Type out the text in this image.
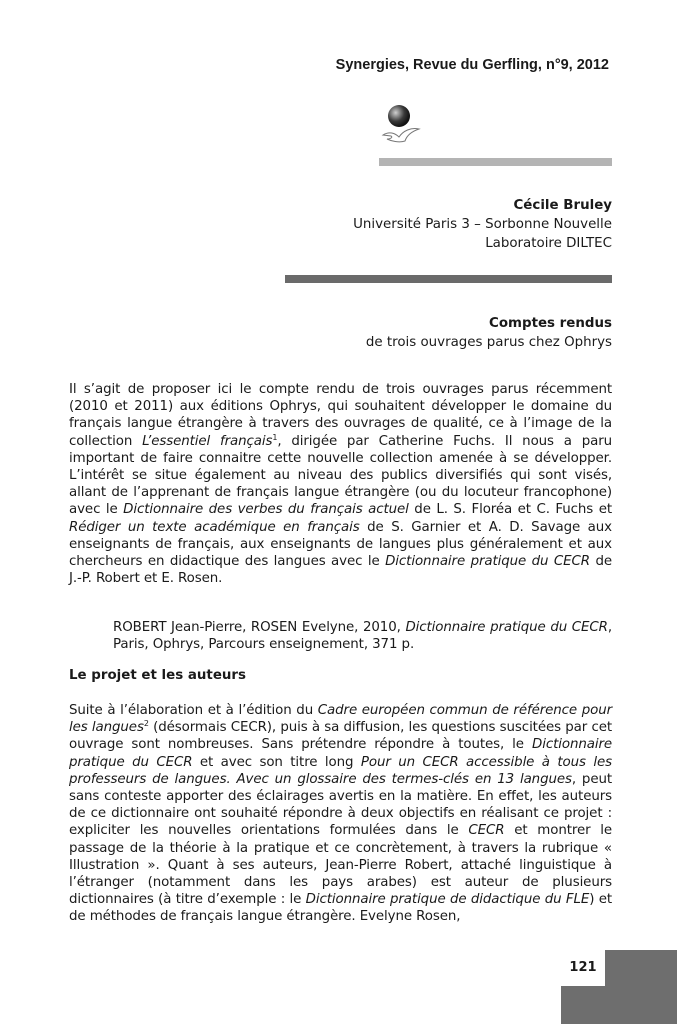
Synergies, Revue du Gerfling, n°9, 2012
Cécile Bruley
Université Paris 3 – Sorbonne Nouvelle
Laboratoire DILTEC
Comptes rendus
de trois ouvrages parus chez Ophrys

Il s’agit de proposer ici le compte rendu de trois ouvrages parus récemment (2010 et 2011) aux éditions Ophrys, qui souhaitent développer le domaine du français langue étrangère à travers des ouvrages de qualité, ce à l’image de la collection L’essentiel français$^1$, dirigée par Catherine Fuchs. Il nous a paru important de faire connaitre cette nouvelle collection amenée à se développer. L’intérêt se situe également au niveau des publics diversifiés qui sont visés, allant de l’apprenant de français langue étrangère (ou du locuteur francophone) avec le Dictionnaire des verbes du français actuel de L. S. Floréa et C. Fuchs et Rédiger un texte académique en français de S. Garnier et A. D. Savage aux enseignants de français, aux enseignants de langues plus généralement et aux chercheurs en didactique des langues avec le Dictionnaire pratique du CECR de J.-P. Robert et E. Rosen.

ROBERT Jean-Pierre, ROSEN Evelyne, 2010, Dictionnaire pratique du CECR, Paris, Ophrys, Parcours enseignement, 371 p.

Le projet et les auteurs

Suite à l’élaboration et à l’édition du Cadre européen commun de référence pour les langues$^2$ (désormais CECR), puis à sa diffusion, les questions suscitées par cet ouvrage sont nombreuses. Sans prétendre répondre à toutes, le Dictionnaire pratique du CECR et avec son titre long Pour un CECR accessible à tous les professeurs de langues. Avec un glossaire des termes-clés en 13 langues, peut sans conteste apporter des éclairages avertis en la matière. En effet, les auteurs de ce dictionnaire ont souhaité répondre à deux objectifs en réalisant ce projet : expliciter les nouvelles orientations formulées dans le CECR et montrer le passage de la théorie à la pratique et ce concrètement, à travers la rubrique « Illustration ». Quant à ses auteurs, Jean-Pierre Robert, attaché linguistique à l’étranger (notamment dans les pays arabes) est auteur de plusieurs dictionnaires (à titre d’exemple : le Dictionnaire pratique de didactique du FLE) et de méthodes de français langue étrangère. Evelyne Rosen,

121
